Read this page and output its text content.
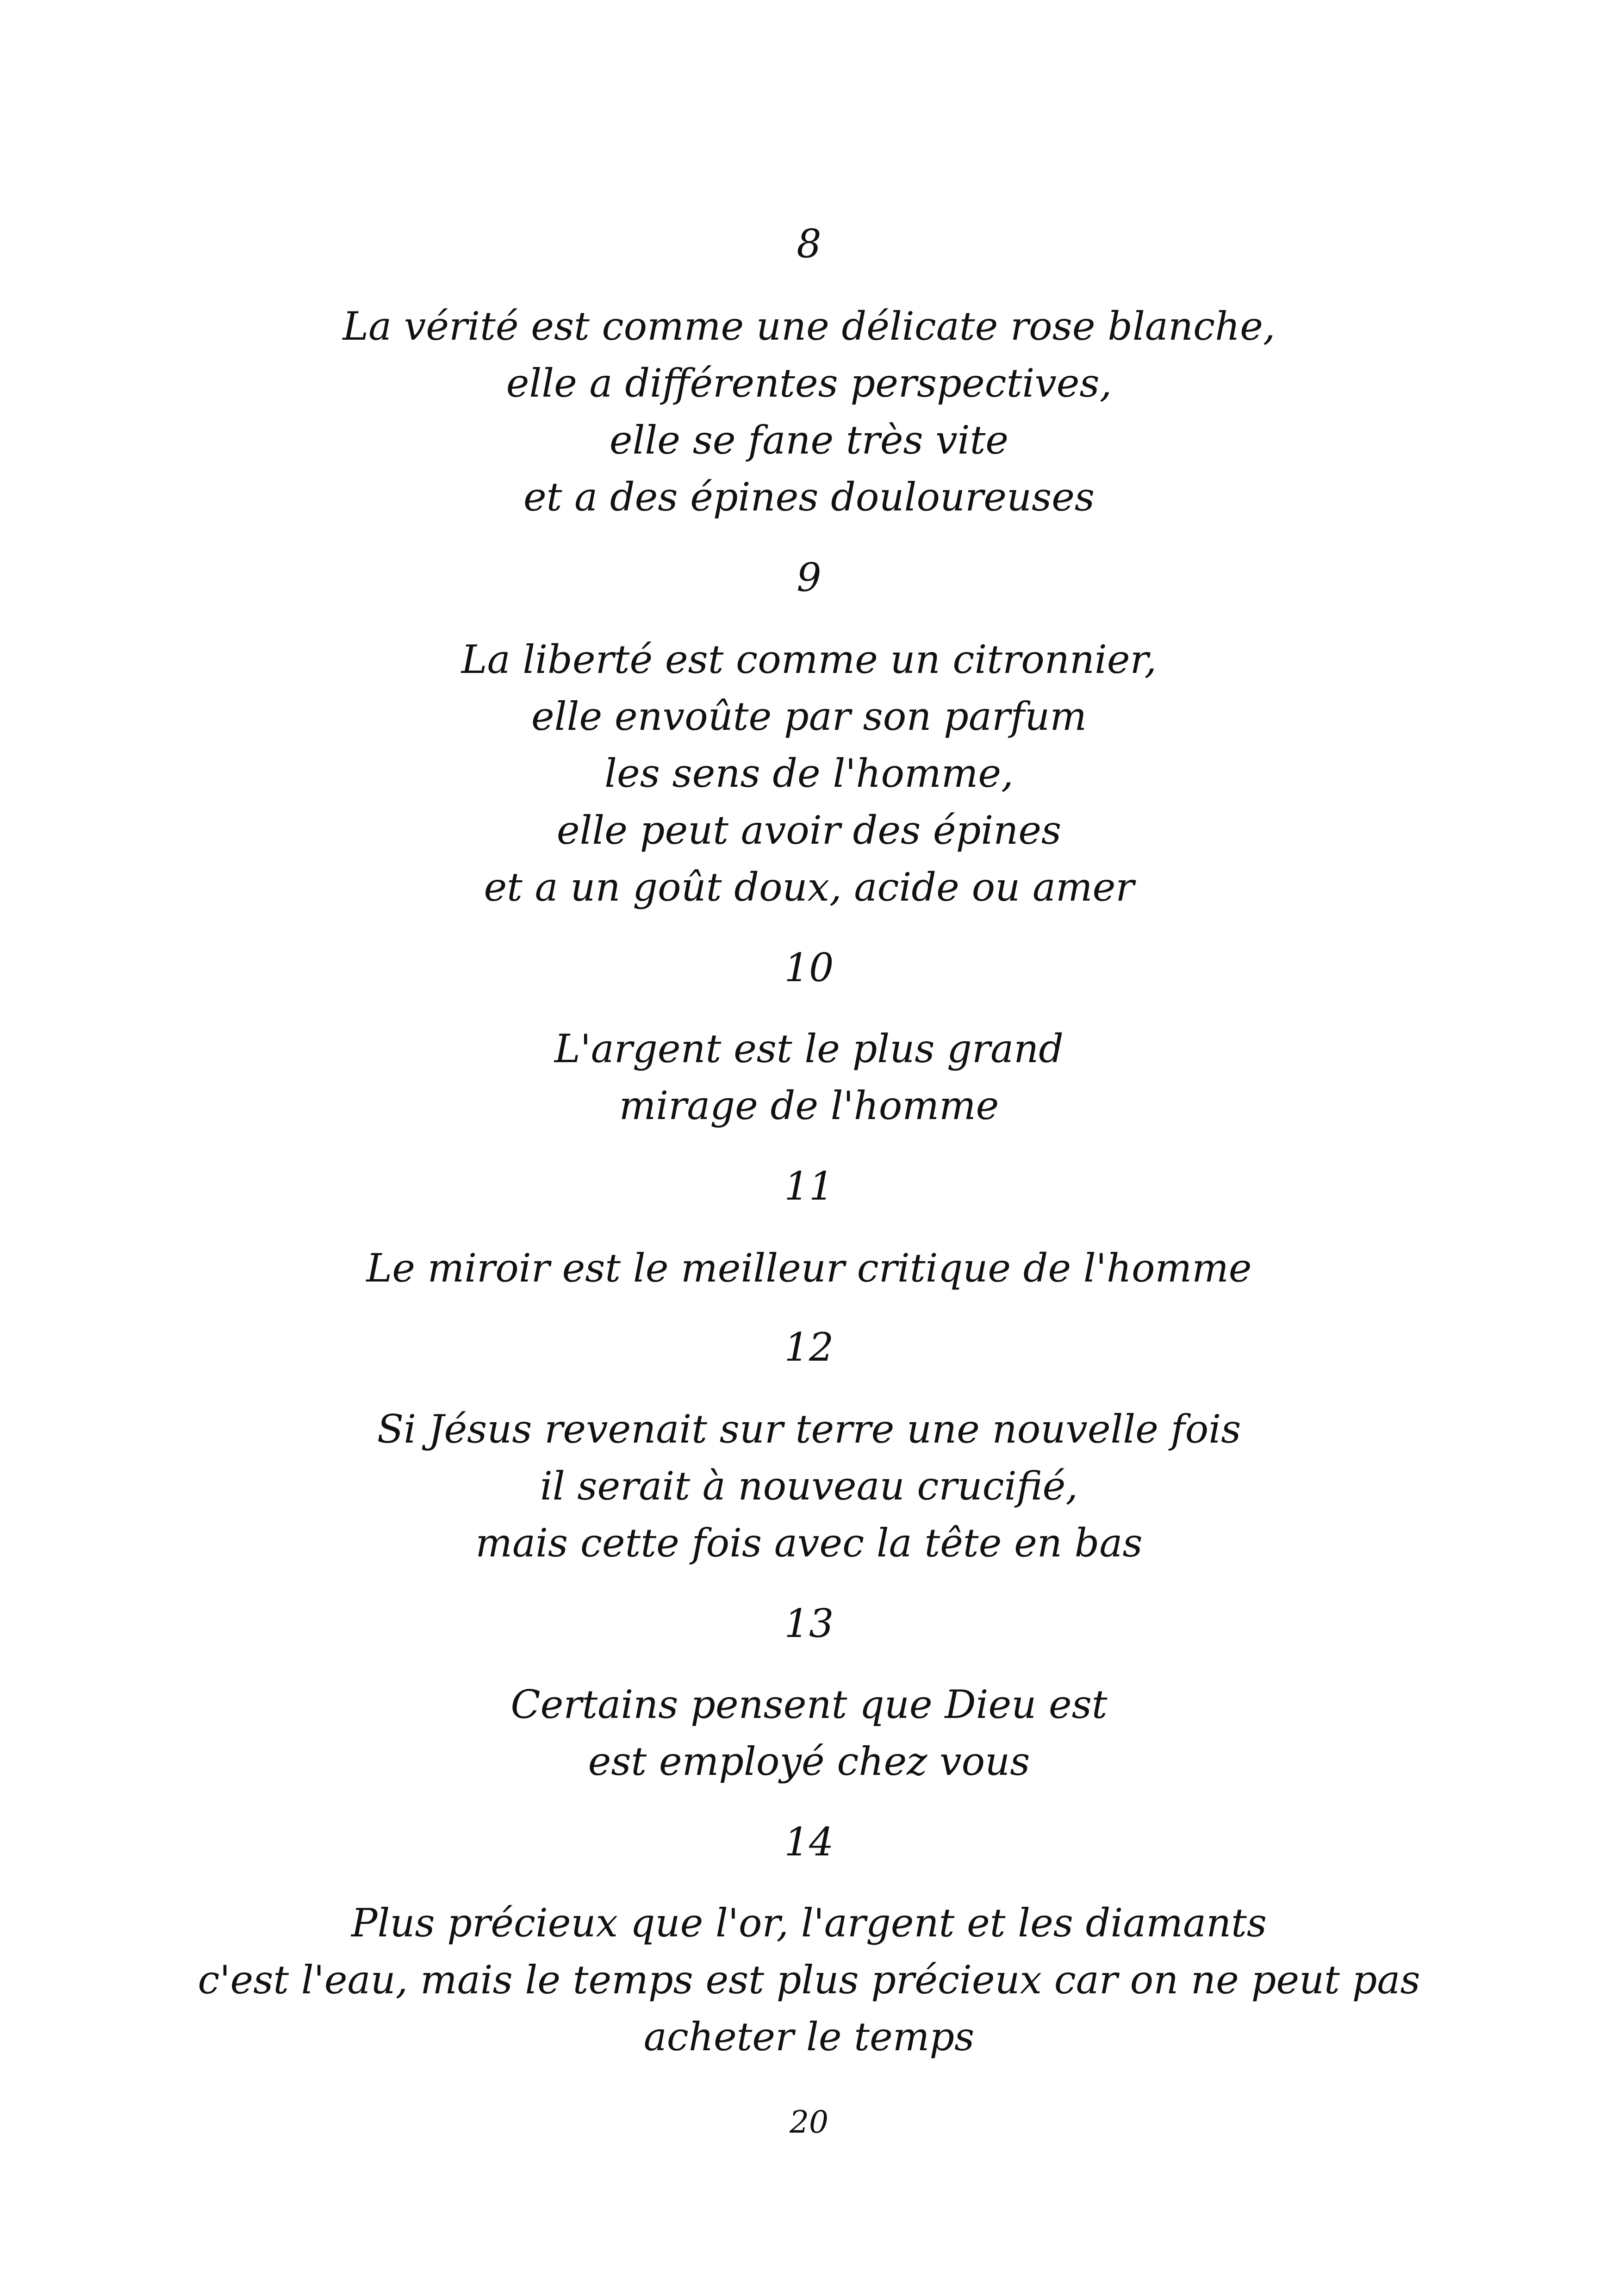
8
La vérité est comme une délicate rose blanche,
elle a différentes perspectives,
elle se fane très vite
et a des épines douloureuses
9
La liberté est comme un citronnier,
elle envoûte par son parfum
les sens de l'homme,
elle peut avoir des épines
et a un goût doux, acide ou amer
10
L'argent est le plus grand
mirage de l'homme
11
Le miroir est le meilleur critique de l'homme
12
Si Jésus revenait sur terre une nouvelle fois
il serait à nouveau crucifié,
mais cette fois avec la tête en bas
13
Certains pensent que Dieu est
est employé chez vous
14
Plus précieux que l'or, l'argent et les diamants
c'est l'eau, mais le temps est plus précieux car on ne peut pas
acheter le temps
20
